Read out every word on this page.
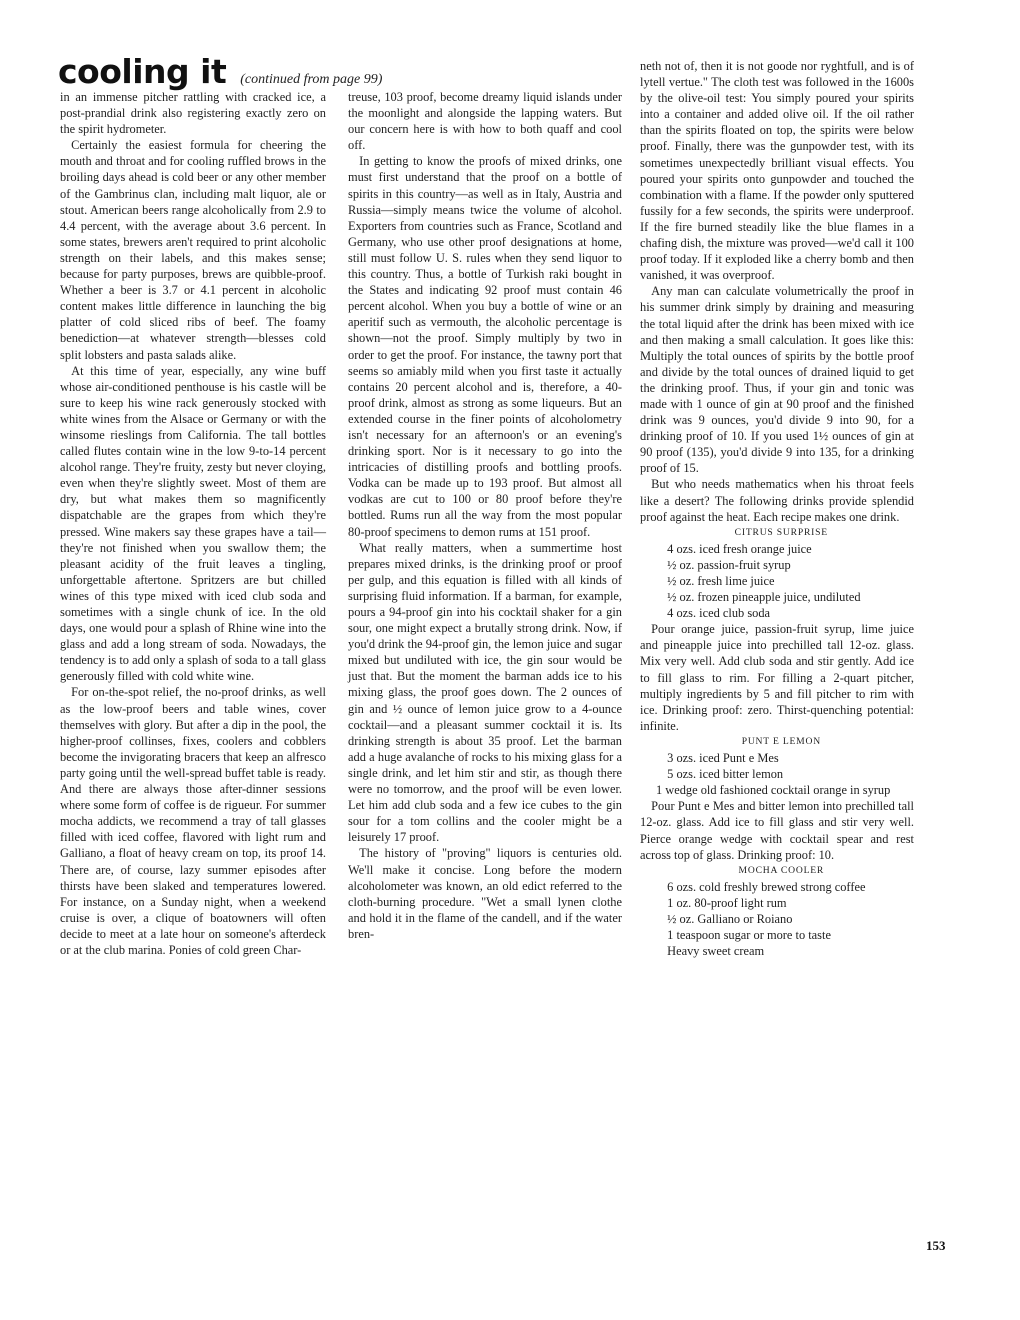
cooling it (continued from page 99)

in an immense pitcher rattling with cracked ice, a post-prandial drink also registering exactly zero on the spirit hydrometer.

Certainly the easiest formula for cheering the mouth and throat and for cooling ruffled brows in the broiling days ahead is cold beer or any other member of the Gambrinus clan, including malt liquor, ale or stout. American beers range alcoholically from 2.9 to 4.4 percent, with the average about 3.6 percent. In some states, brewers aren't required to print alcoholic strength on their labels, and this makes sense; because for party purposes, brews are quibble-proof. Whether a beer is 3.7 or 4.1 percent in alcoholic content makes little difference in launching the big platter of cold sliced ribs of beef. The foamy benediction—at whatever strength—blesses cold split lobsters and pasta salads alike.

At this time of year, especially, any wine buff whose air-conditioned penthouse is his castle will be sure to keep his wine rack generously stocked with white wines from the Alsace or Germany or with the winsome rieslings from California. The tall bottles called flutes contain wine in the low 9-to-14 percent alcohol range. They're fruity, zesty but never cloying, even when they're slightly sweet. Most of them are dry, but what makes them so magnificently dispatchable are the grapes from which they're pressed. Wine makers say these grapes have a tail—they're not finished when you swallow them; the pleasant acidity of the fruit leaves a tingling, unforgettable aftertone. Spritzers are but chilled wines of this type mixed with iced club soda and sometimes with a single chunk of ice. In the old days, one would pour a splash of Rhine wine into the glass and add a long stream of soda. Nowadays, the tendency is to add only a splash of soda to a tall glass generously filled with cold white wine.

For on-the-spot relief, the no-proof drinks, as well as the low-proof beers and table wines, cover themselves with glory. But after a dip in the pool, the higher-proof collinses, fixes, coolers and cobblers become the invigorating bracers that keep an alfresco party going until the well-spread buffet table is ready. And there are always those after-dinner sessions where some form of coffee is de rigueur. For summer mocha addicts, we recommend a tray of tall glasses filled with iced coffee, flavored with light rum and Galliano, a float of heavy cream on top, its proof 14. There are, of course, lazy summer episodes after thirsts have been slaked and temperatures lowered. For instance, on a Sunday night, when a weekend cruise is over, a clique of boatowners will often decide to meet at a late hour on someone's afterdeck or at the club marina. Ponies of cold green Char-

treuse, 103 proof, become dreamy liquid islands under the moonlight and alongside the lapping waters. But our concern here is with how to both quaff and cool off.

In getting to know the proofs of mixed drinks, one must first understand that the proof on a bottle of spirits in this country—as well as in Italy, Austria and Russia—simply means twice the volume of alcohol. Exporters from countries such as France, Scotland and Germany, who use other proof designations at home, still must follow U. S. rules when they send liquor to this country. Thus, a bottle of Turkish raki bought in the States and indicating 92 proof must contain 46 percent alcohol. When you buy a bottle of wine or an aperitif such as vermouth, the alcoholic percentage is shown—not the proof. Simply multiply by two in order to get the proof. For instance, the tawny port that seems so amiably mild when you first taste it actually contains 20 percent alcohol and is, therefore, a 40-proof drink, almost as strong as some liqueurs. But an extended course in the finer points of alcoholometry isn't necessary for an afternoon's or an evening's drinking sport. Nor is it necessary to go into the intricacies of distilling proofs and bottling proofs. Vodka can be made up to 193 proof. But almost all vodkas are cut to 100 or 80 proof before they're bottled. Rums run all the way from the most popular 80-proof specimens to demon rums at 151 proof.

What really matters, when a summertime host prepares mixed drinks, is the drinking proof or proof per gulp, and this equation is filled with all kinds of surprising fluid information. If a barman, for example, pours a 94-proof gin into his cocktail shaker for a gin sour, one might expect a brutally strong drink. Now, if you'd drink the 94-proof gin, the lemon juice and sugar mixed but undiluted with ice, the gin sour would be just that. But the moment the barman adds ice to his mixing glass, the proof goes down. The 2 ounces of gin and ½ ounce of lemon juice grow to a 4-ounce cocktail—and a pleasant summer cocktail it is. Its drinking strength is about 35 proof. Let the barman add a huge avalanche of rocks to his mixing glass for a single drink, and let him stir and stir, as though there were no tomorrow, and the proof will be even lower. Let him add club soda and a few ice cubes to the gin sour for a tom collins and the cooler might be a leisurely 17 proof.

The history of "proving" liquors is centuries old. We'll make it concise. Long before the modern alcoholometer was known, an old edict referred to the cloth-burning procedure. "Wet a small lynen clothe and hold it in the flame of the candell, and if the water bren-

neth not of, then it is not goode nor ryghtfull, and is of lytell vertue." The cloth test was followed in the 1600s by the olive-oil test: You simply poured your spirits into a container and added olive oil. If the oil rather than the spirits floated on top, the spirits were below proof. Finally, there was the gunpowder test, with its sometimes unexpectedly brilliant visual effects. You poured your spirits onto gunpowder and touched the combination with a flame. If the powder only sputtered fussily for a few seconds, the spirits were underproof. If the fire burned steadily like the blue flames in a chafing dish, the mixture was proved—we'd call it 100 proof today. If it exploded like a cherry bomb and then vanished, it was overproof.

Any man can calculate volumetrically the proof in his summer drink simply by draining and measuring the total liquid after the drink has been mixed with ice and then making a small calculation. It goes like this: Multiply the total ounces of spirits by the bottle proof and divide by the total ounces of drained liquid to get the drinking proof. Thus, if your gin and tonic was made with 1 ounce of gin at 90 proof and the finished drink was 9 ounces, you'd divide 9 into 90, for a drinking proof of 10. If you used 1½ ounces of gin at 90 proof (135), you'd divide 9 into 135, for a drinking proof of 15.

But who needs mathematics when his throat feels like a desert? The following drinks provide splendid proof against the heat. Each recipe makes one drink.

CITRUS SURPRISE

4 ozs. iced fresh orange juice

½ oz. passion-fruit syrup

½ oz. fresh lime juice

½ oz. frozen pineapple juice, undiluted

4 ozs. iced club soda

Pour orange juice, passion-fruit syrup, lime juice and pineapple juice into prechilled tall 12-oz. glass. Mix very well. Add club soda and stir gently. Add ice to fill glass to rim. For filling a 2-quart pitcher, multiply ingredients by 5 and fill pitcher to rim with ice. Drinking proof: zero. Thirst-quenching potential: infinite.

PUNT E LEMON

3 ozs. iced Punt e Mes

5 ozs. iced bitter lemon

1 wedge old fashioned cocktail orange in syrup

Pour Punt e Mes and bitter lemon into prechilled tall 12-oz. glass. Add ice to fill glass and stir very well. Pierce orange wedge with cocktail spear and rest across top of glass. Drinking proof: 10.

MOCHA COOLER

6 ozs. cold freshly brewed strong coffee

1 oz. 80-proof light rum

½ oz. Galliano or Roiano

1 teaspoon sugar or more to taste

Heavy sweet cream

153
